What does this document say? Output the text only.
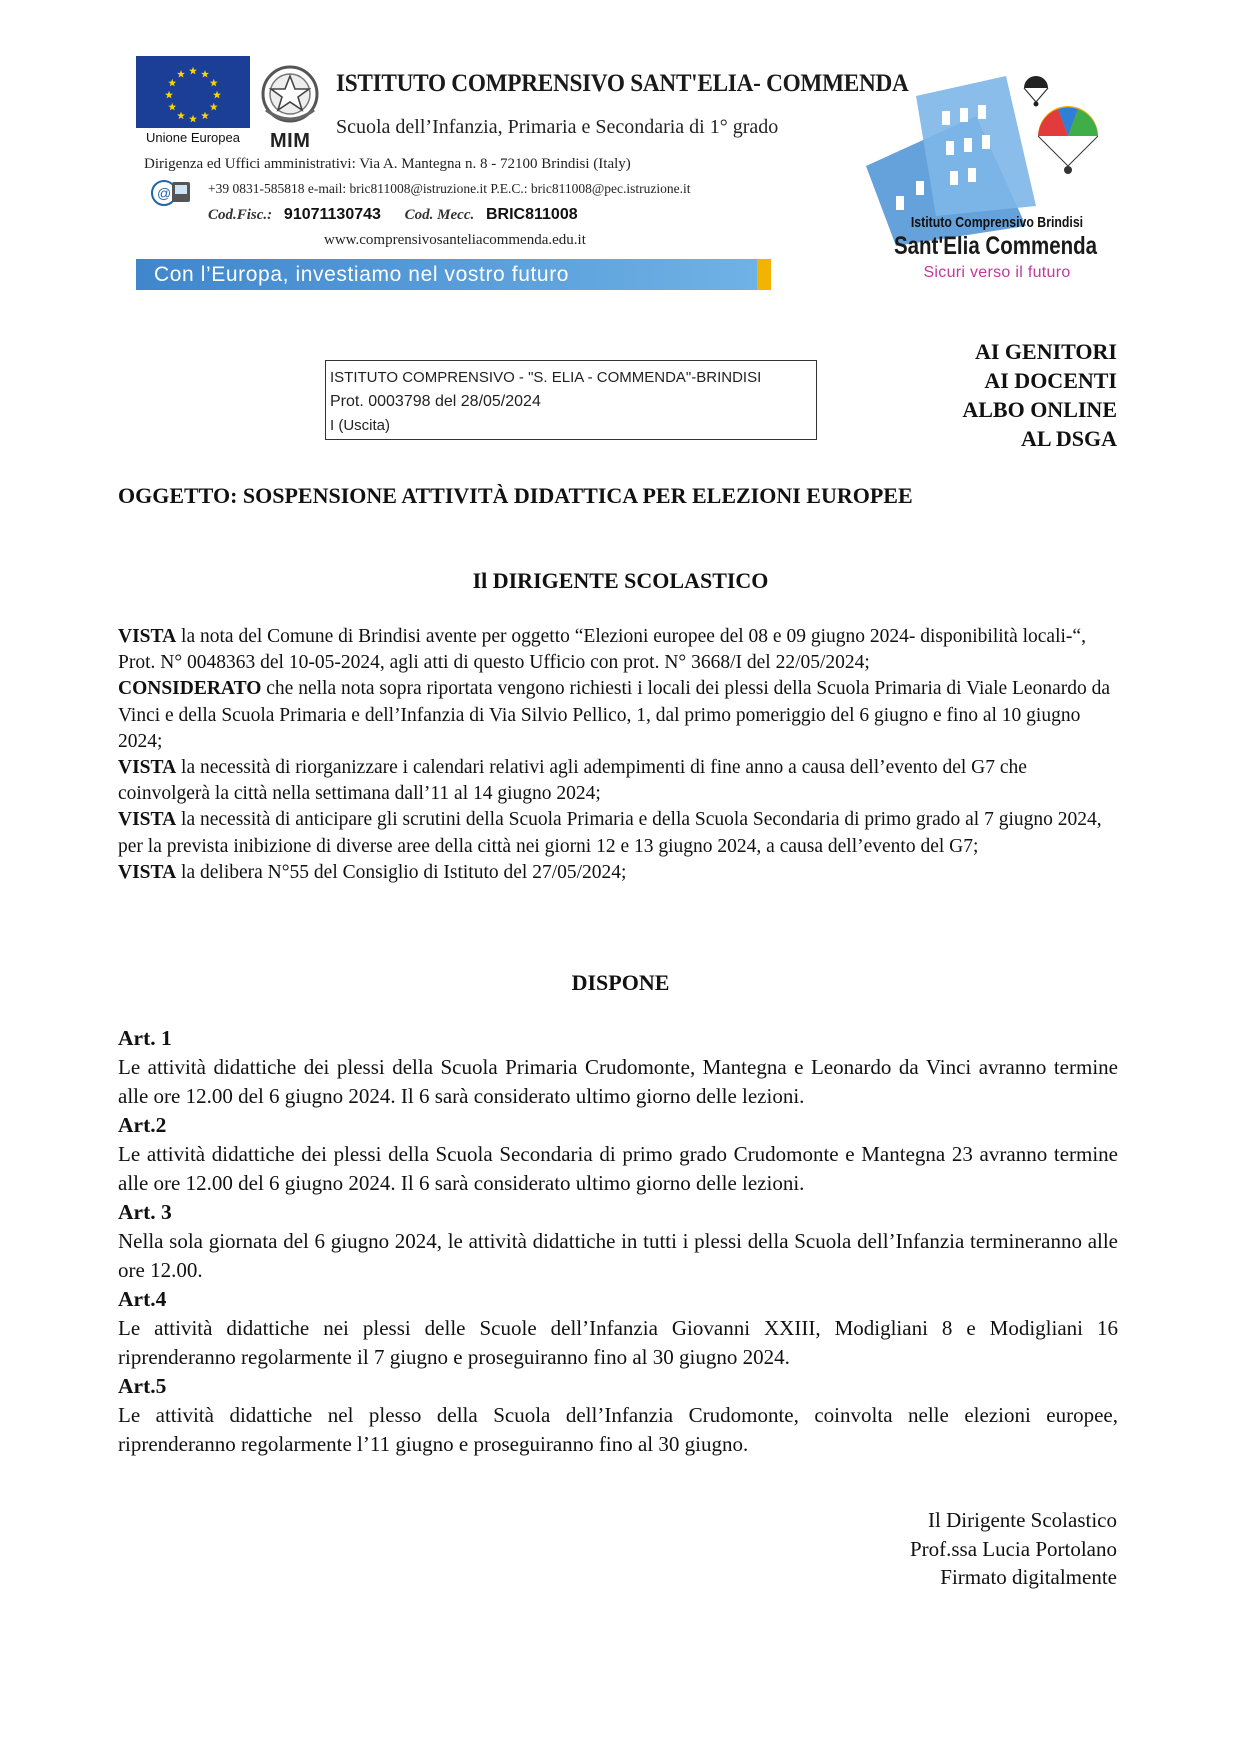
Unione Europea	MIM
ISTITUTO COMPRENSIVO SANT'ELIA- COMMENDA
Scuola dell’Infanzia, Primaria e Secondaria di 1° grado
Dirigenza ed Uffici amministrativi: Via A. Mantegna n. 8 - 72100 Brindisi (Italy)
@	+39 0831-585818 e-mail: bric811008@istruzione.it P.E.C.: bric811008@pec.istruzione.it
Cod.Fisc.: 91071130743 Cod. Mecc. BRIC811008
www.comprensivosanteliacommenda.edu.it
Con l’Europa, investiamo nel vostro futuro
Istituto Comprensivo Brindisi
Sant'Elia Commenda
Sicuri verso il futuro
ISTITUTO COMPRENSIVO - "S. ELIA - COMMENDA"-BRINDISI
Prot. 0003798 del 28/05/2024
I (Uscita)
AI GENITORI
AI DOCENTI
ALBO ONLINE
AL DSGA
OGGETTO: SOSPENSIONE ATTIVITÀ DIDATTICA PER ELEZIONI EUROPEE
Il DIRIGENTE SCOLASTICO

VISTA la nota del Comune di Brindisi avente per oggetto “Elezioni europee del 08 e 09 giugno 2024- disponibilità locali-“, Prot. N° 0048363 del 10-05-2024, agli atti di questo Ufficio con prot. N° 3668/I del 22/05/2024;

CONSIDERATO che nella nota sopra riportata vengono richiesti i locali dei plessi della Scuola Primaria di Viale Leonardo da Vinci e della Scuola Primaria e dell’Infanzia di Via Silvio Pellico, 1, dal primo pomeriggio del 6 giugno e fino al 10 giugno 2024;

VISTA la necessità di riorganizzare i calendari relativi agli adempimenti di fine anno a causa dell’evento del G7 che coinvolgerà la città nella settimana dall’11 al 14 giugno 2024;

VISTA la necessità di anticipare gli scrutini della Scuola Primaria e della Scuola Secondaria di primo grado al 7 giugno 2024, per la prevista inibizione di diverse aree della città nei giorni 12 e 13 giugno 2024, a causa dell’evento del G7;

VISTA la delibera N°55 del Consiglio di Istituto del 27/05/2024;

DISPONE
Art. 1
Le attività didattiche dei plessi della Scuola Primaria Crudomonte, Mantegna e Leonardo da Vinci avranno termine alle ore 12.00 del 6 giugno 2024. Il 6 sarà considerato ultimo giorno delle lezioni.
Art.2
Le attività didattiche dei plessi della Scuola Secondaria di primo grado Crudomonte e Mantegna 23 avranno termine alle ore 12.00 del 6 giugno 2024. Il 6 sarà considerato ultimo giorno delle lezioni.
Art. 3
Nella sola giornata del 6 giugno 2024, le attività didattiche in tutti i plessi della Scuola dell’Infanzia termineranno alle ore 12.00.
Art.4
Le attività didattiche nei plessi delle Scuole dell’Infanzia Giovanni XXIII, Modigliani 8 e Modigliani 16 riprenderanno regolarmente il 7 giugno e proseguiranno fino al 30 giugno 2024.
Art.5
Le attività didattiche nel plesso della Scuola dell’Infanzia Crudomonte, coinvolta nelle elezioni europee, riprenderanno regolarmente l’11 giugno e proseguiranno fino al 30 giugno.
Il Dirigente Scolastico
Prof.ssa Lucia Portolano
Firmato digitalmente
